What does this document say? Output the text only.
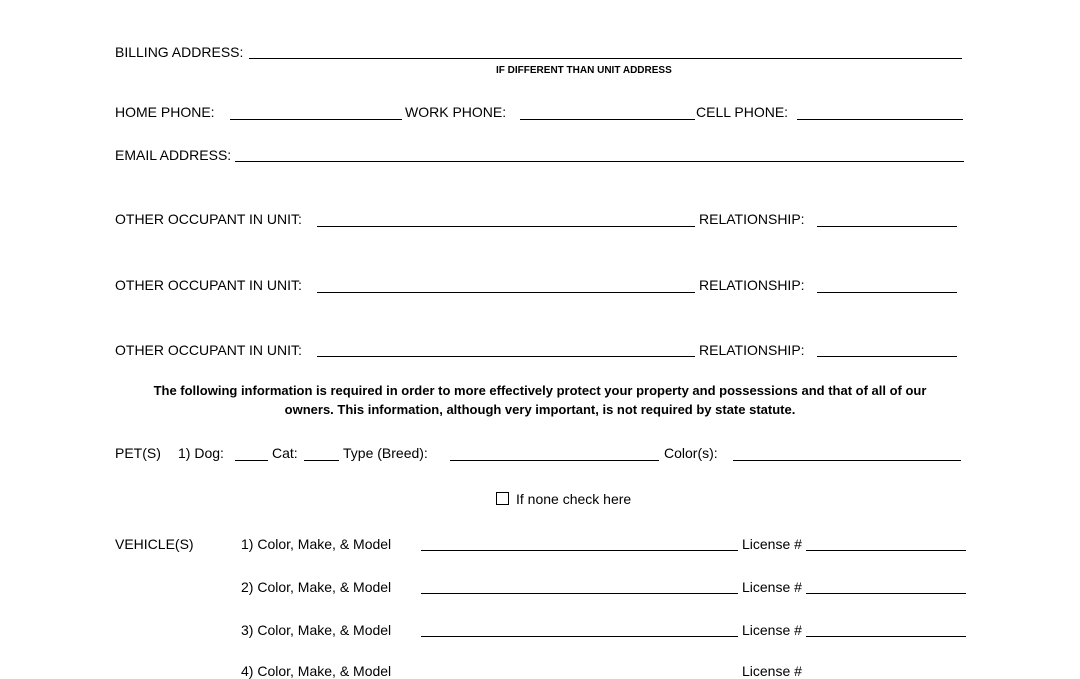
BILLING ADDRESS:
IF DIFFERENT THAN UNIT ADDRESS
HOME PHONE:	WORK PHONE:	CELL PHONE:
EMAIL ADDRESS:
OTHER OCCUPANT IN UNIT:	RELATIONSHIP:
OTHER OCCUPANT IN UNIT:	RELATIONSHIP:
OTHER OCCUPANT IN UNIT:	RELATIONSHIP:
The following information is required in order to more effectively protect your property and possessions and that of all of our
owners. This information, although very important, is not required by state statute.
PET(S) 1) Dog:	Cat:	Type (Breed):	Color(s):
If none check here
VEHICLE(S)	1) Color, Make, & Model	License #
2) Color, Make, & Model	License #
3) Color, Make, & Model	License #
4) Color, Make, & Model	License #
